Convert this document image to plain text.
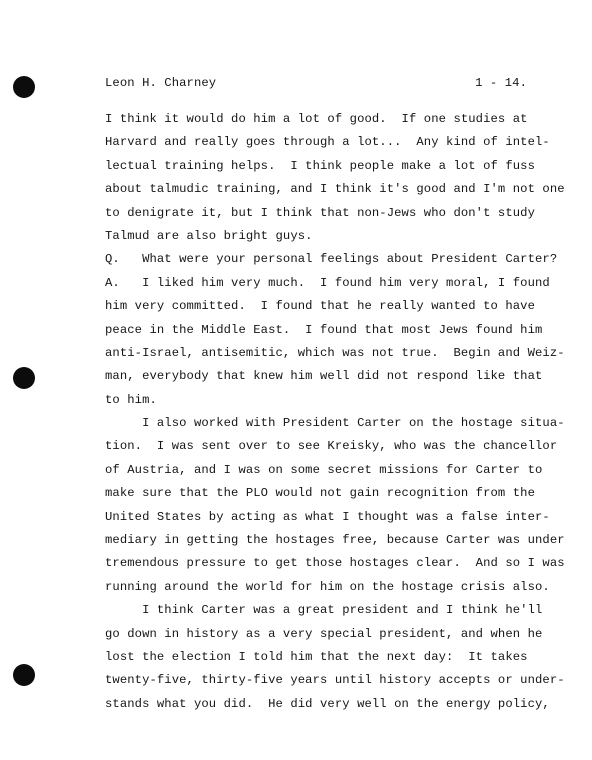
Leon H. Charney	1 - 14.
I think it would do him a lot of good.  If one studies at
Harvard and really goes through a lot...  Any kind of intel-
lectual training helps.  I think people make a lot of fuss
about talmudic training, and I think it's good and I'm not one
to denigrate it, but I think that non-Jews who don't study
Talmud are also bright guys.
Q.   What were your personal feelings about President Carter?
A.   I liked him very much.  I found him very moral, I found
him very committed.  I found that he really wanted to have
peace in the Middle East.  I found that most Jews found him
anti-Israel, antisemitic, which was not true.  Begin and Weiz-
man, everybody that knew him well did not respond like that
to him.
I also worked with President Carter on the hostage situa-
tion.  I was sent over to see Kreisky, who was the chancellor
of Austria, and I was on some secret missions for Carter to
make sure that the PLO would not gain recognition from the
United States by acting as what I thought was a false inter-
mediary in getting the hostages free, because Carter was under
tremendous pressure to get those hostages clear.  And so I was
running around the world for him on the hostage crisis also.
I think Carter was a great president and I think he'll
go down in history as a very special president, and when he
lost the election I told him that the next day:  It takes
twenty-five, thirty-five years until history accepts or under-
stands what you did.  He did very well on the energy policy,
